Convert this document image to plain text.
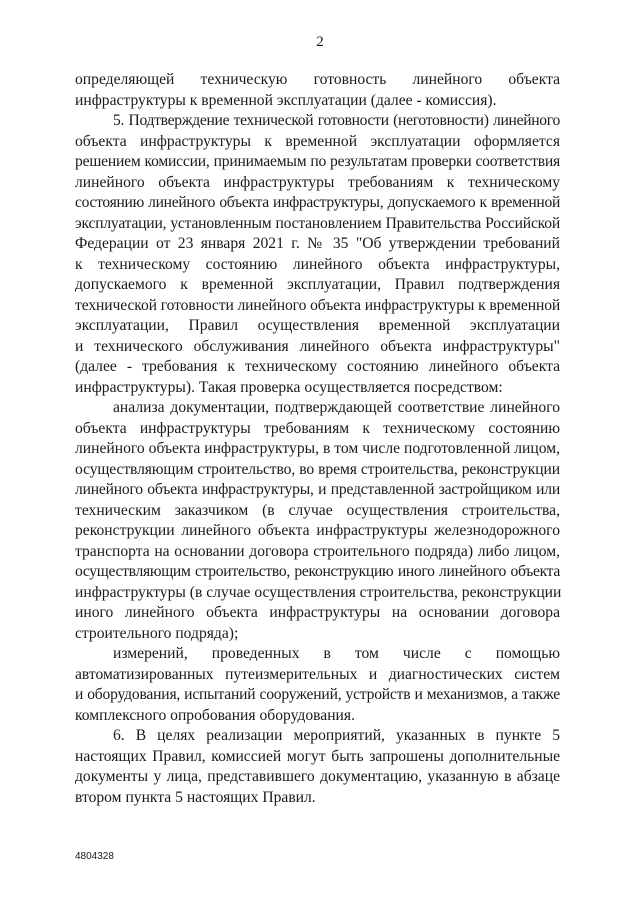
2
определяющей техническую готовность линейного объекта
инфраструктуры к временной эксплуатации (далее - комиссия).
5. Подтверждение технической готовности (неготовности) линейного
объекта инфраструктуры к временной эксплуатации оформляется
решением комиссии, принимаемым по результатам проверки соответствия
линейного объекта инфраструктуры требованиям к техническому
состоянию линейного объекта инфраструктуры, допускаемого к временной
эксплуатации, установленным постановлением Правительства Российской
Федерации от 23 января 2021 г. № 35 "Об утверждении требований
к техническому состоянию линейного объекта инфраструктуры,
допускаемого к временной эксплуатации, Правил подтверждения
технической готовности линейного объекта инфраструктуры к временной
эксплуатации, Правил осуществления временной эксплуатации
и технического обслуживания линейного объекта инфраструктуры"
(далее - требования к техническому состоянию линейного объекта
инфраструктуры). Такая проверка осуществляется посредством:
анализа документации, подтверждающей соответствие линейного
объекта инфраструктуры требованиям к техническому состоянию
линейного объекта инфраструктуры, в том числе подготовленной лицом,
осуществляющим строительство, во время строительства, реконструкции
линейного объекта инфраструктуры, и представленной застройщиком или
техническим заказчиком (в случае осуществления строительства,
реконструкции линейного объекта инфраструктуры железнодорожного
транспорта на основании договора строительного подряда) либо лицом,
осуществляющим строительство, реконструкцию иного линейного объекта
инфраструктуры (в случае осуществления строительства, реконструкции
иного линейного объекта инфраструктуры на основании договора
строительного подряда);
измерений, проведенных в том числе с помощью
автоматизированных путеизмерительных и диагностических систем
и оборудования, испытаний сооружений, устройств и механизмов, а также
комплексного опробования оборудования.
6. В целях реализации мероприятий, указанных в пункте 5
настоящих Правил, комиссией могут быть запрошены дополнительные
документы у лица, представившего документацию, указанную в абзаце
втором пункта 5 настоящих Правил.
4804328
